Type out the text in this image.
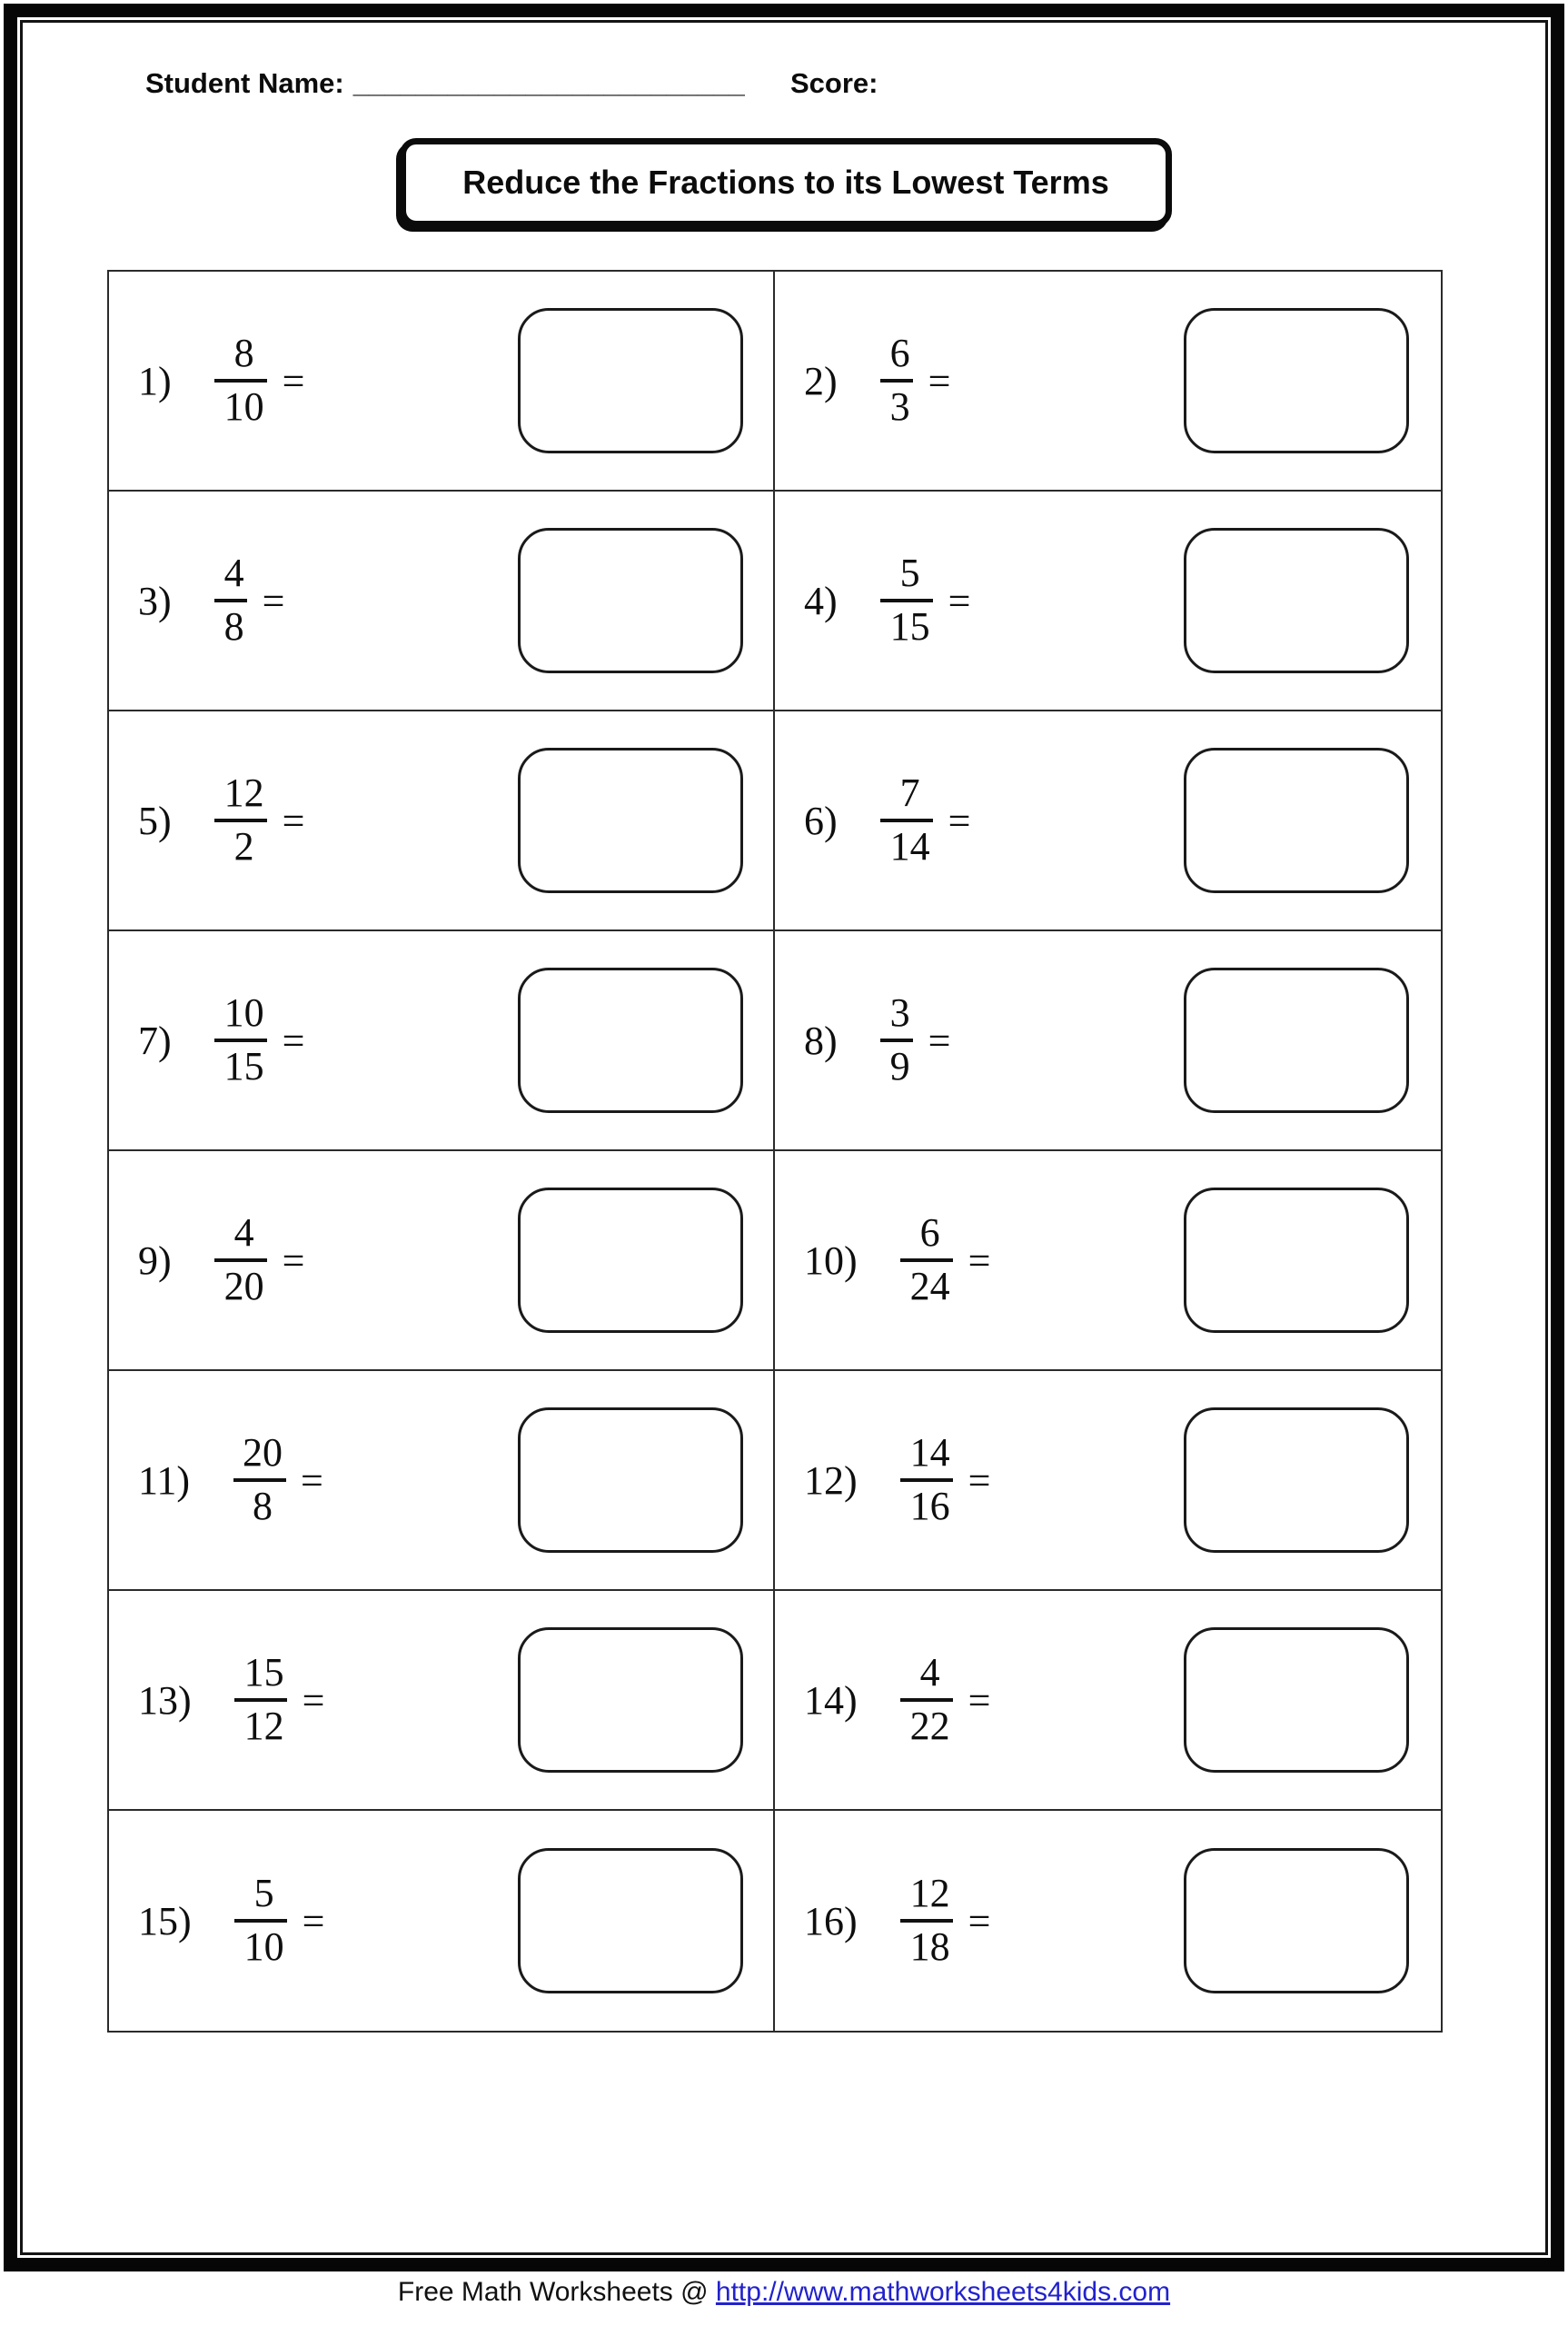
Student Name: _________________________ Score:
Reduce the Fractions to its Lowest Terms
$1) \frac{8}{10}$ =	$2) \frac{6}{3}$ =
$3) \frac{4}{8}$ =	$4) \frac{5}{15}$ =
$5) \frac{12}{2}$ =	$6) \frac{7}{14}$ =
$7) \frac{10}{15}$ =	$8) \frac{3}{9}$ =
$9) \frac{4}{20}$ =	$10) \frac{6}{24}$ =
$11) \frac{20}{8}$ =	$12) \frac{14}{16}$ =
$13) \frac{15}{12}$ =	$14) \frac{4}{22}$ =
$15) \frac{5}{10}$ =	$16) \frac{12}{18}$ =
Free Math Worksheets @ http://www.mathworksheets4kids.com
